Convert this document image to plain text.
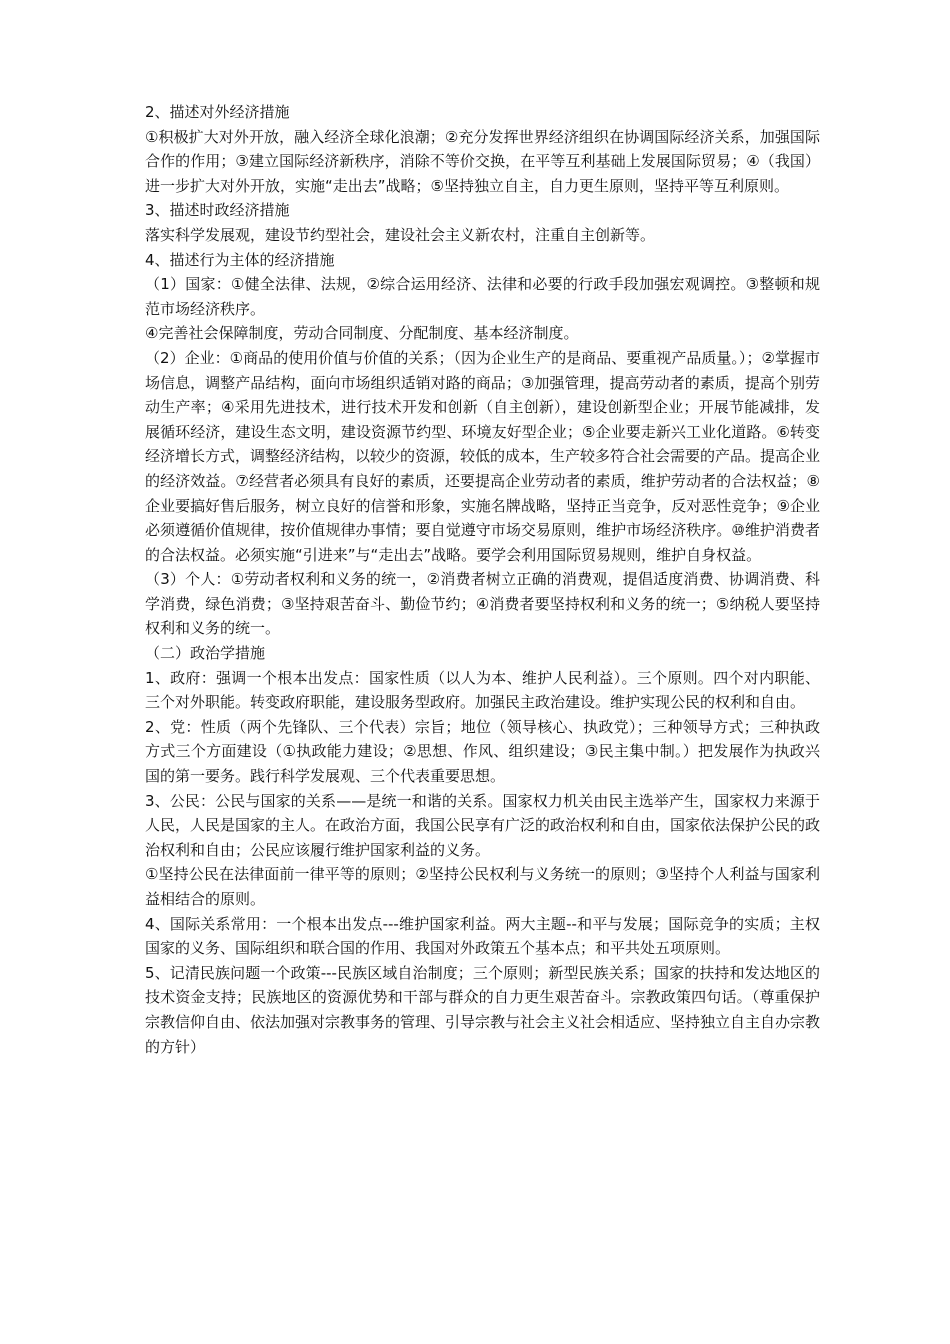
2、描述对外经济措施

①积极扩大对外开放，融入经济全球化浪潮；②充分发挥世界经济组织在协调国际经济关系，加强国际合作的作用；③建立国际经济新秩序，消除不等价交换，在平等互利基础上发展国际贸易；④（我国）进一步扩大对外开放，实施“走出去”战略；⑤坚持独立自主，自力更生原则，坚持平等互利原则。

3、描述时政经济措施

落实科学发展观，建设节约型社会，建设社会主义新农村，注重自主创新等。

4、描述行为主体的经济措施

（1）国家：①健全法律、法规，②综合运用经济、法律和必要的行政手段加强宏观调控。③整顿和规范市场经济秩序。

④完善社会保障制度，劳动合同制度、分配制度、基本经济制度。

（2）企业：①商品的使用价值与价值的关系；（因为企业生产的是商品、要重视产品质量。）；②掌握市场信息，调整产品结构，面向市场组织适销对路的商品；③加强管理，提高劳动者的素质，提高个别劳动生产率；④采用先进技术，进行技术开发和创新（自主创新），建设创新型企业；开展节能减排，发展循环经济，建设生态文明，建设资源节约型、环境友好型企业；⑤企业要走新兴工业化道路。⑥转变经济增长方式，调整经济结构，以较少的资源，较低的成本，生产较多符合社会需要的产品。提高企业的经济效益。⑦经营者必须具有良好的素质，还要提高企业劳动者的素质，维护劳动者的合法权益；⑧企业要搞好售后服务，树立良好的信誉和形象，实施名牌战略，坚持正当竞争，反对恶性竞争；⑨企业必须遵循价值规律，按价值规律办事情；要自觉遵守市场交易原则，维护市场经济秩序。⑩维护消费者的合法权益。必须实施“引进来”与“走出去”战略。要学会利用国际贸易规则，维护自身权益。

（3）个人：①劳动者权利和义务的统一，②消费者树立正确的消费观，提倡适度消费、协调消费、科学消费，绿色消费；③坚持艰苦奋斗、勤俭节约；④消费者要坚持权利和义务的统一；⑤纳税人要坚持权利和义务的统一。

（二）政治学措施

1、政府：强调一个根本出发点：国家性质（以人为本、维护人民利益）。三个原则。四个对内职能、三个对外职能。转变政府职能，建设服务型政府。加强民主政治建设。维护实现公民的权利和自由。

2、党：性质（两个先锋队、三个代表）宗旨；地位（领导核心、执政党）；三种领导方式；三种执政方式三个方面建设（①执政能力建设；②思想、作风、组织建设；③民主集中制。）把发展作为执政兴国的第一要务。践行科学发展观、三个代表重要思想。

3、公民：公民与国家的关系——是统一和谐的关系。国家权力机关由民主选举产生，国家权力来源于人民，人民是国家的主人。在政治方面，我国公民享有广泛的政治权利和自由，国家依法保护公民的政治权利和自由；公民应该履行维护国家利益的义务。

①坚持公民在法律面前一律平等的原则；②坚持公民权利与义务统一的原则；③坚持个人利益与国家利益相结合的原则。

4、国际关系常用：一个根本出发点---维护国家利益。两大主题--和平与发展；国际竞争的实质；主权国家的义务、国际组织和联合国的作用、我国对外政策五个基本点；和平共处五项原则。

5、记清民族问题一个政策---民族区域自治制度；三个原则；新型民族关系；国家的扶持和发达地区的技术资金支持；民族地区的资源优势和干部与群众的自力更生艰苦奋斗。宗教政策四句话。（尊重保护宗教信仰自由、依法加强对宗教事务的管理、引导宗教与社会主义社会相适应、坚持独立自主自办宗教的方针）
